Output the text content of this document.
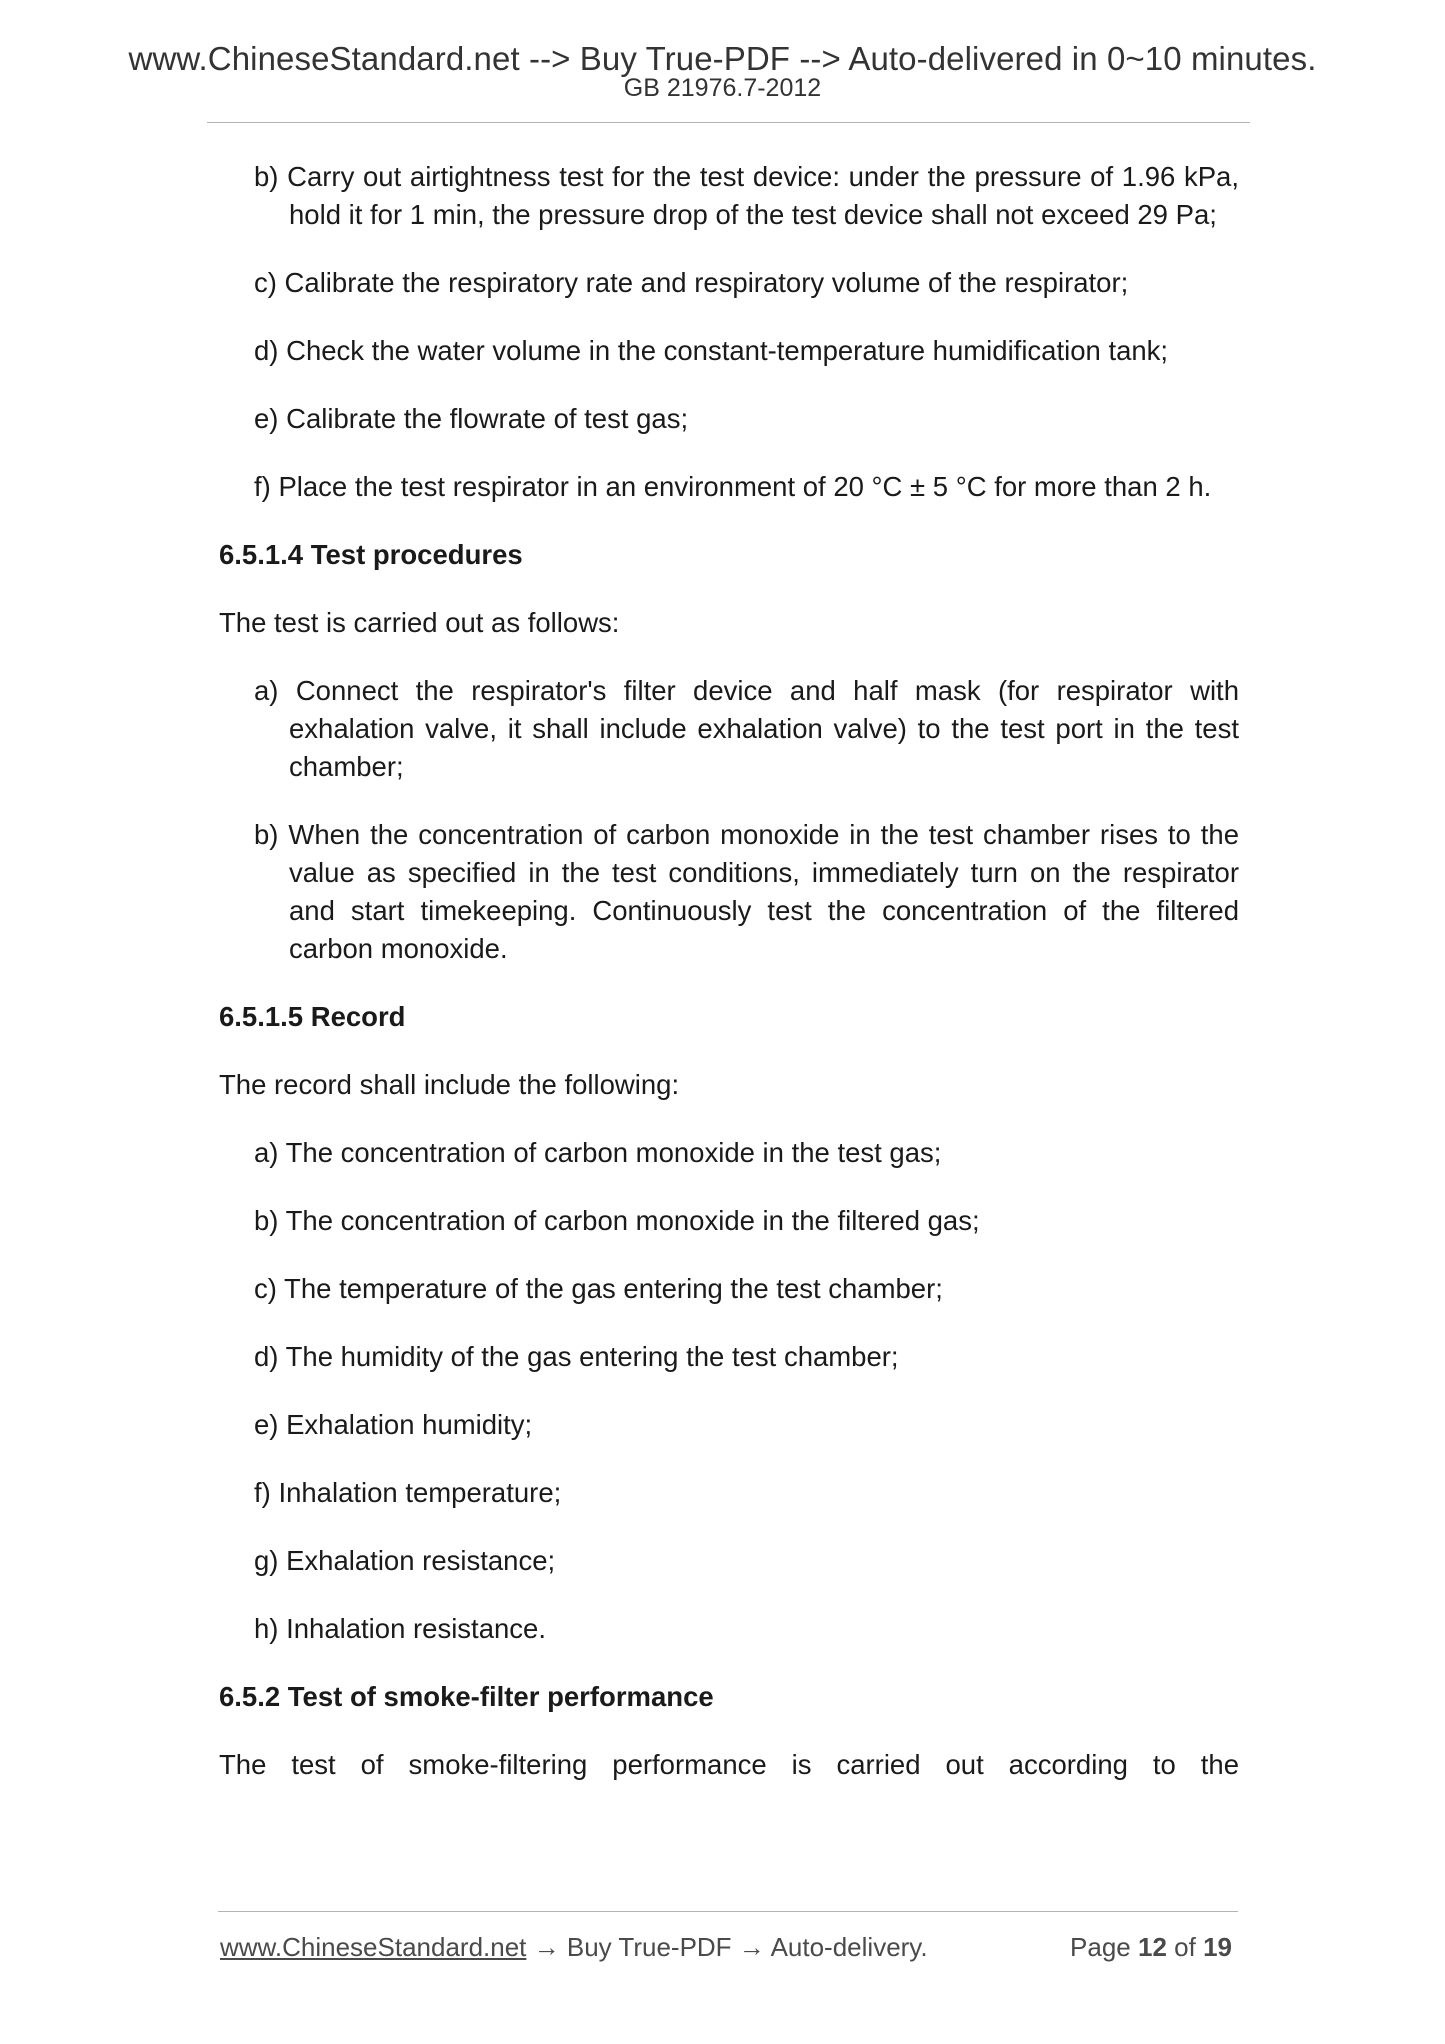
www.ChineseStandard.net --> Buy True-PDF --> Auto-delivered in 0~10 minutes.
GB 21976.7-2012

b) Carry out airtightness test for the test device: under the pressure of 1.96 kPa, hold it for 1 min, the pressure drop of the test device shall not exceed 29 Pa;

c) Calibrate the respiratory rate and respiratory volume of the respirator;

d) Check the water volume in the constant-temperature humidification tank;

e) Calibrate the flowrate of test gas;

f) Place the test respirator in an environment of 20 °C ± 5 °C for more than 2 h.

6.5.1.4 Test procedures

The test is carried out as follows:

a) Connect the respirator's filter device and half mask (for respirator with exhalation valve, it shall include exhalation valve) to the test port in the test chamber;

b) When the concentration of carbon monoxide in the test chamber rises to the value as specified in the test conditions, immediately turn on the respirator and start timekeeping. Continuously test the concentration of the filtered carbon monoxide.

6.5.1.5 Record

The record shall include the following:

a) The concentration of carbon monoxide in the test gas;

b) The concentration of carbon monoxide in the filtered gas;

c) The temperature of the gas entering the test chamber;

d) The humidity of the gas entering the test chamber;

e) Exhalation humidity;

f) Inhalation temperature;

g) Exhalation resistance;

h) Inhalation resistance.

6.5.2 Test of smoke-filter performance

The test of smoke-filtering performance is carried out according to the

www.ChineseStandard.net → Buy True-PDF → Auto-delivery.	Page 12 of 19
